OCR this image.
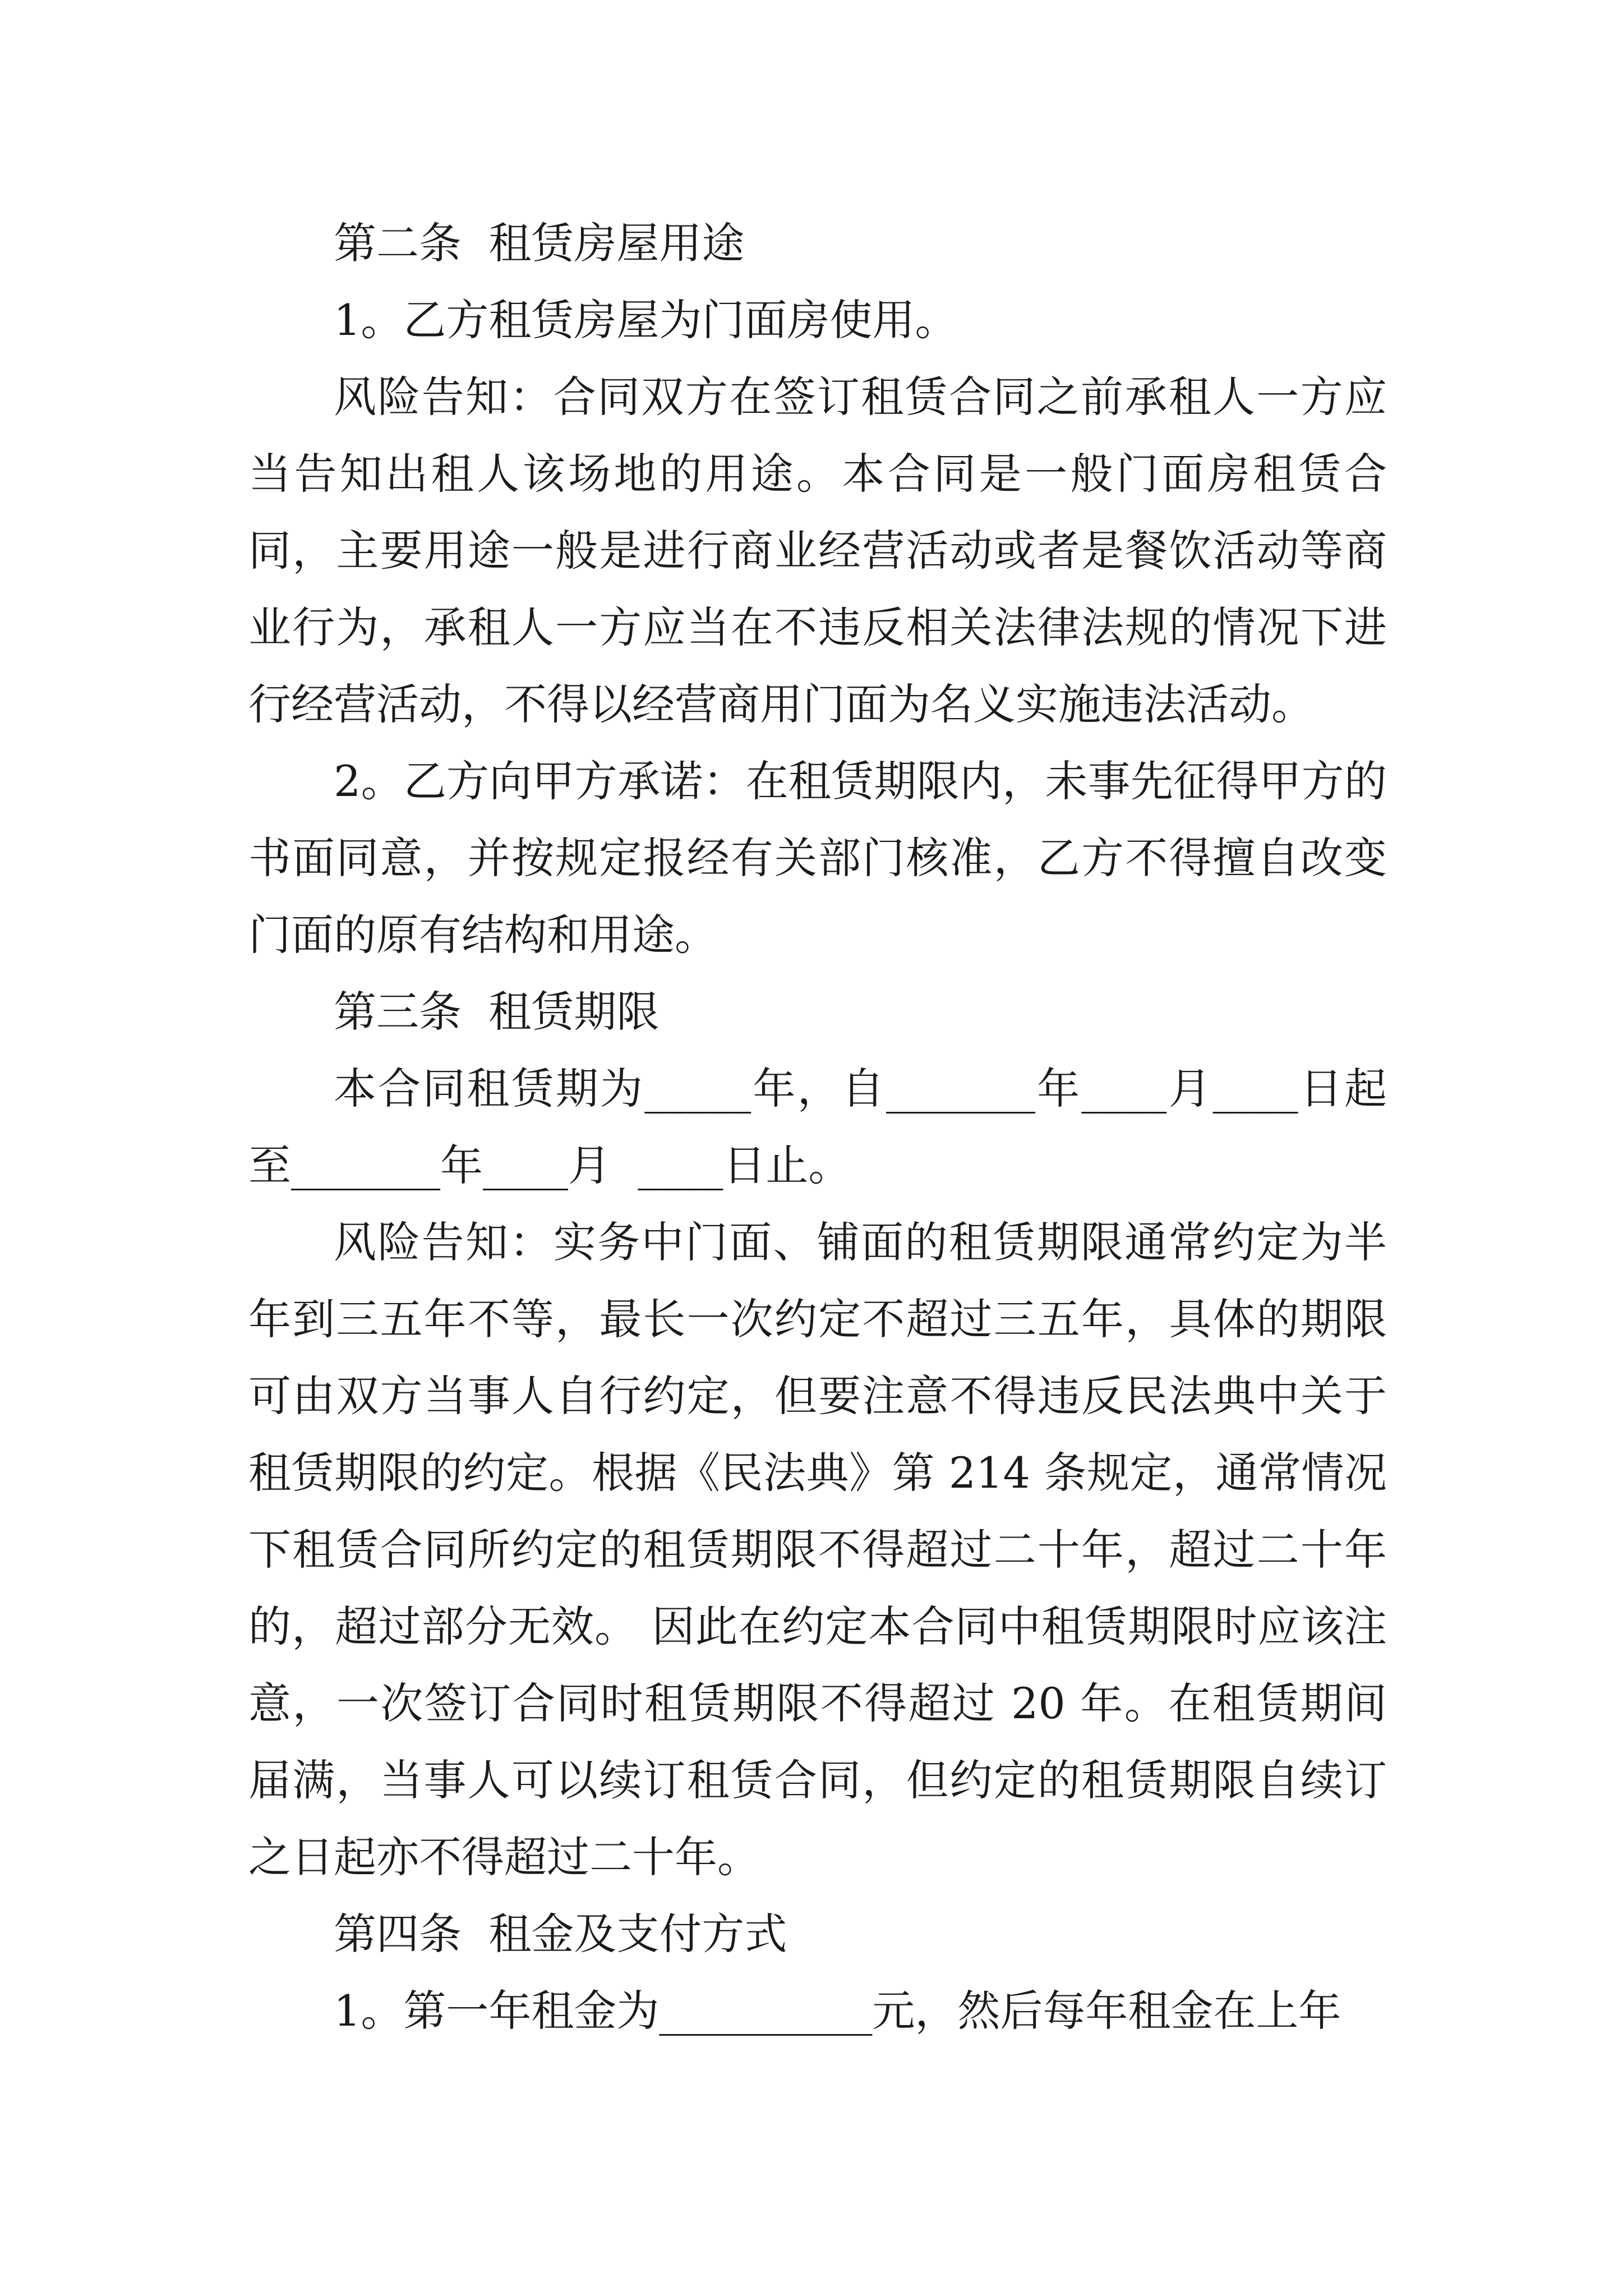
第二条  租赁房屋用途

1。乙方租赁房屋为门面房使用。

风险告知：合同双方在签订租赁合同之前承租人一方应当告知出租人该场地的用途。本合同是一般门面房租赁合同，主要用途一般是进行商业经营活动或者是餐饮活动等商业行为，承租人一方应当在不违反相关法律法规的情况下进行经营活动，不得以经营商用门面为名义实施违法活动。

2。乙方向甲方承诺：在租赁期限内，未事先征得甲方的书面同意，并按规定报经有关部门核准，乙方不得擅自改变门面的原有结构和用途。

第三条  租赁期限

本合同租赁期为_____年，自_______年____月____日起至_______年____月  ____日止。

风险告知：实务中门面、铺面的租赁期限通常约定为半年到三五年不等，最长一次约定不超过三五年，具体的期限可由双方当事人自行约定，但要注意不得违反民法典中关于租赁期限的约定。根据《民法典》第 214 条规定，通常情况下租赁合同所约定的租赁期限不得超过二十年，超过二十年的，超过部分无效。 因此在约定本合同中租赁期限时应该注意，一次签订合同时租赁期限不得超过 20 年。在租赁期间届满，当事人可以续订租赁合同，但约定的租赁期限自续订之日起亦不得超过二十年。

第四条  租金及支付方式

1。第一年租金为__________元，然后每年租金在上年
